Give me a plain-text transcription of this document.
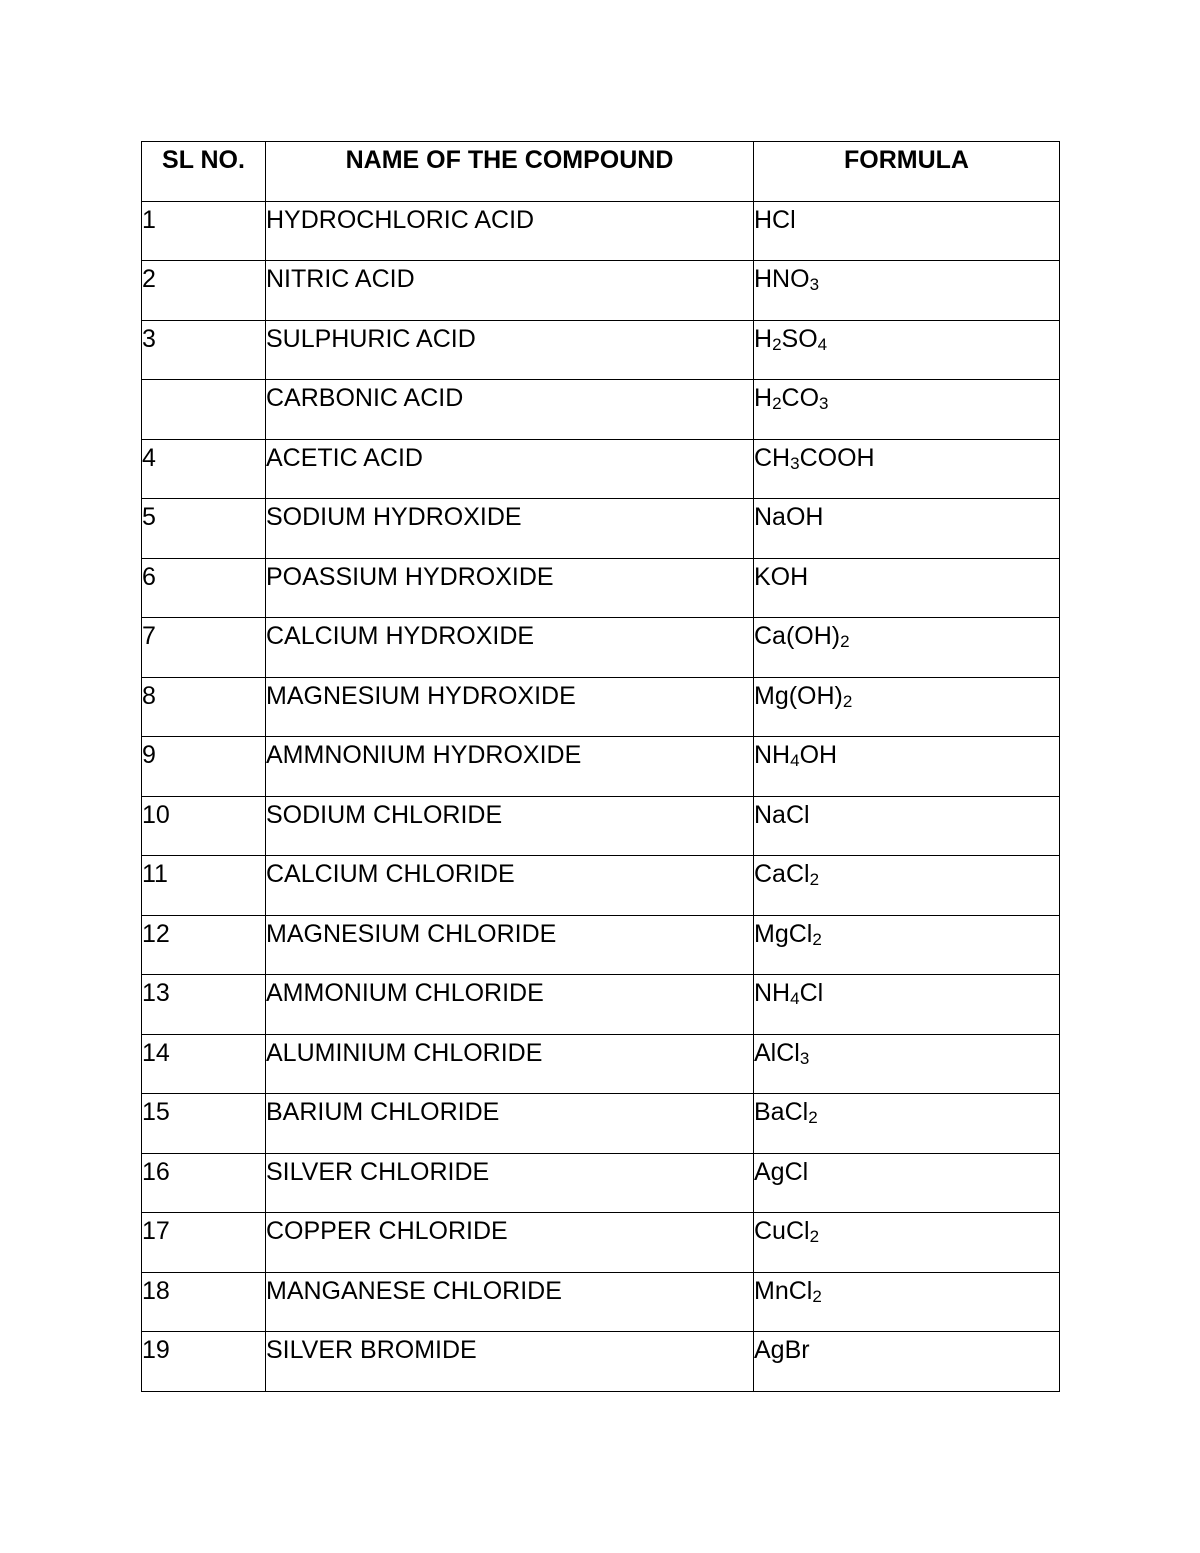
SL NO.	NAME OF THE COMPOUND	FORMULA
1	HYDROCHLORIC ACID	HCl
2	NITRIC ACID	$HNO_3$
3	SULPHURIC ACID	$H_2SO_4$
	CARBONIC ACID	$H_2CO_3$
4	ACETIC ACID	$CH_3COOH$
5	SODIUM HYDROXIDE	NaOH
6	POASSIUM HYDROXIDE	KOH
7	CALCIUM HYDROXIDE	$Ca(OH)_2$
8	MAGNESIUM HYDROXIDE	$Mg(OH)_2$
9	AMMNONIUM HYDROXIDE	$NH_4OH$
10	SODIUM CHLORIDE	NaCl
11	CALCIUM CHLORIDE	CaCl$_2$
12	MAGNESIUM CHLORIDE	MgCl$_2$
13	AMMONIUM CHLORIDE	$NH_4Cl$
14	ALUMINIUM CHLORIDE	AlCl$_3$
15	BARIUM CHLORIDE	BaCl$_2$
16	SILVER CHLORIDE	AgCl
17	COPPER CHLORIDE	CuCl$_2$
18	MANGANESE CHLORIDE	MnCl$_2$
19	SILVER BROMIDE	AgBr
